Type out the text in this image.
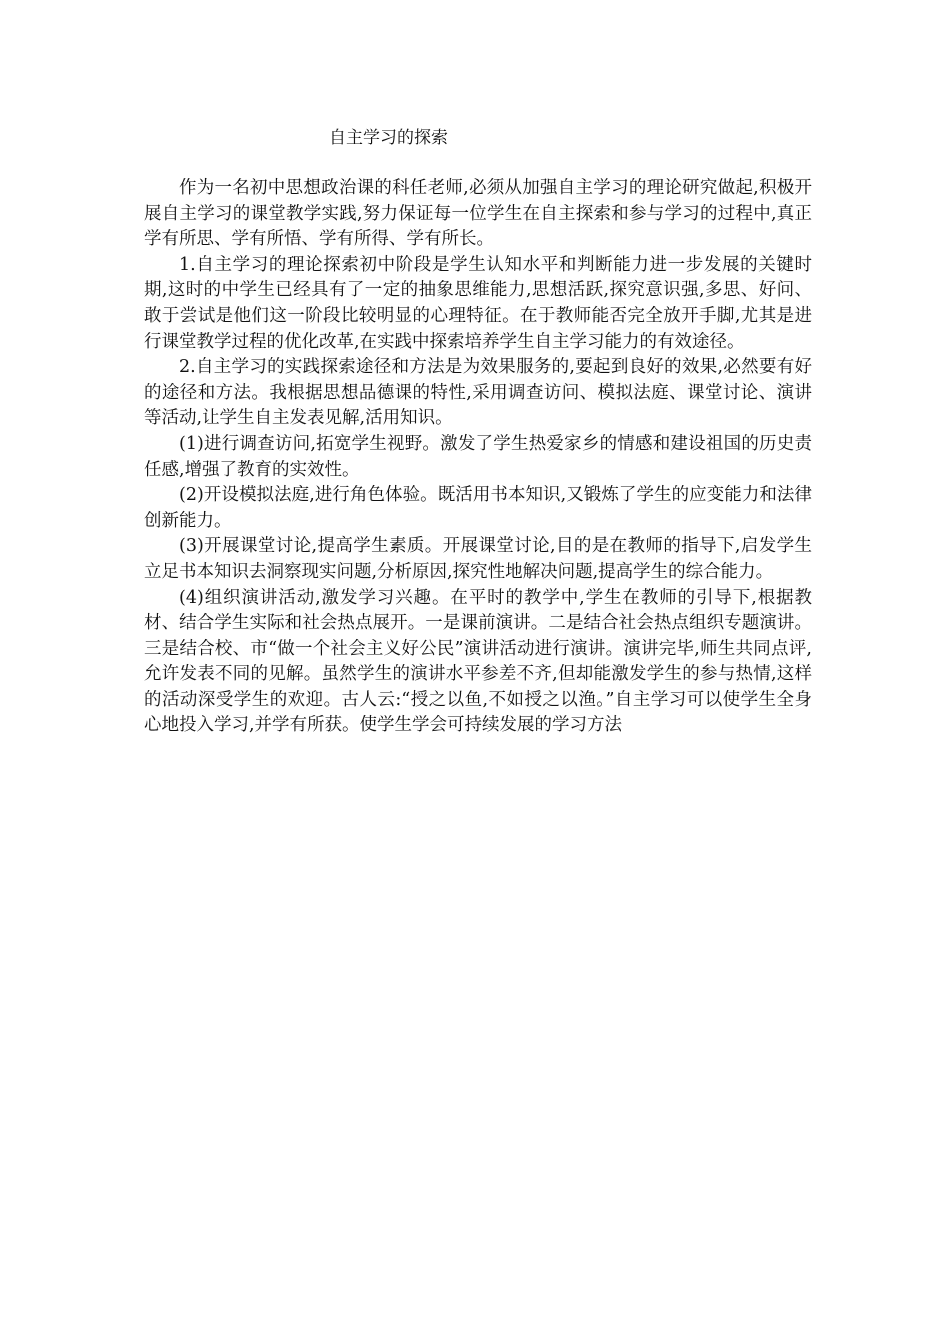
自主学习的探索

作为一名初中思想政治课的科任老师,必须从加强自主学习的理论研究做起,积极开展自主学习的课堂教学实践,努力保证每一位学生在自主探索和参与学习的过程中,真正学有所思、学有所悟、学有所得、学有所长。

1.自主学习的理论探索初中阶段是学生认知水平和判断能力进一步发展的关键时期,这时的中学生已经具有了一定的抽象思维能力,思想活跃,探究意识强,多思、好问、敢于尝试是他们这一阶段比较明显的心理特征。在于教师能否完全放开手脚,尤其是进行课堂教学过程的优化改革,在实践中探索培养学生自主学习能力的有效途径。

2.自主学习的实践探索途径和方法是为效果服务的,要起到良好的效果,必然要有好的途径和方法。我根据思想品德课的特性,采用调查访问、模拟法庭、课堂讨论、演讲等活动,让学生自主发表见解,活用知识。

(1)进行调查访问,拓宽学生视野。激发了学生热爱家乡的情感和建设祖国的历史责任感,增强了教育的实效性。

(2)开设模拟法庭,进行角色体验。既活用书本知识,又锻炼了学生的应变能力和法律创新能力。

(3)开展课堂讨论,提高学生素质。开展课堂讨论,目的是在教师的指导下,启发学生立足书本知识去洞察现实问题,分析原因,探究性地解决问题,提高学生的综合能力。

(4)组织演讲活动,激发学习兴趣。在平时的教学中,学生在教师的引导下,根据教材、结合学生实际和社会热点展开。一是课前演讲。二是结合社会热点组织专题演讲。三是结合校、市“做一个社会主义好公民”演讲活动进行演讲。演讲完毕,师生共同点评,允许发表不同的见解。虽然学生的演讲水平参差不齐,但却能激发学生的参与热情,这样的活动深受学生的欢迎。古人云:“授之以鱼,不如授之以渔。”自主学习可以使学生全身心地投入学习,并学有所获。使学生学会可持续发展的学习方法
